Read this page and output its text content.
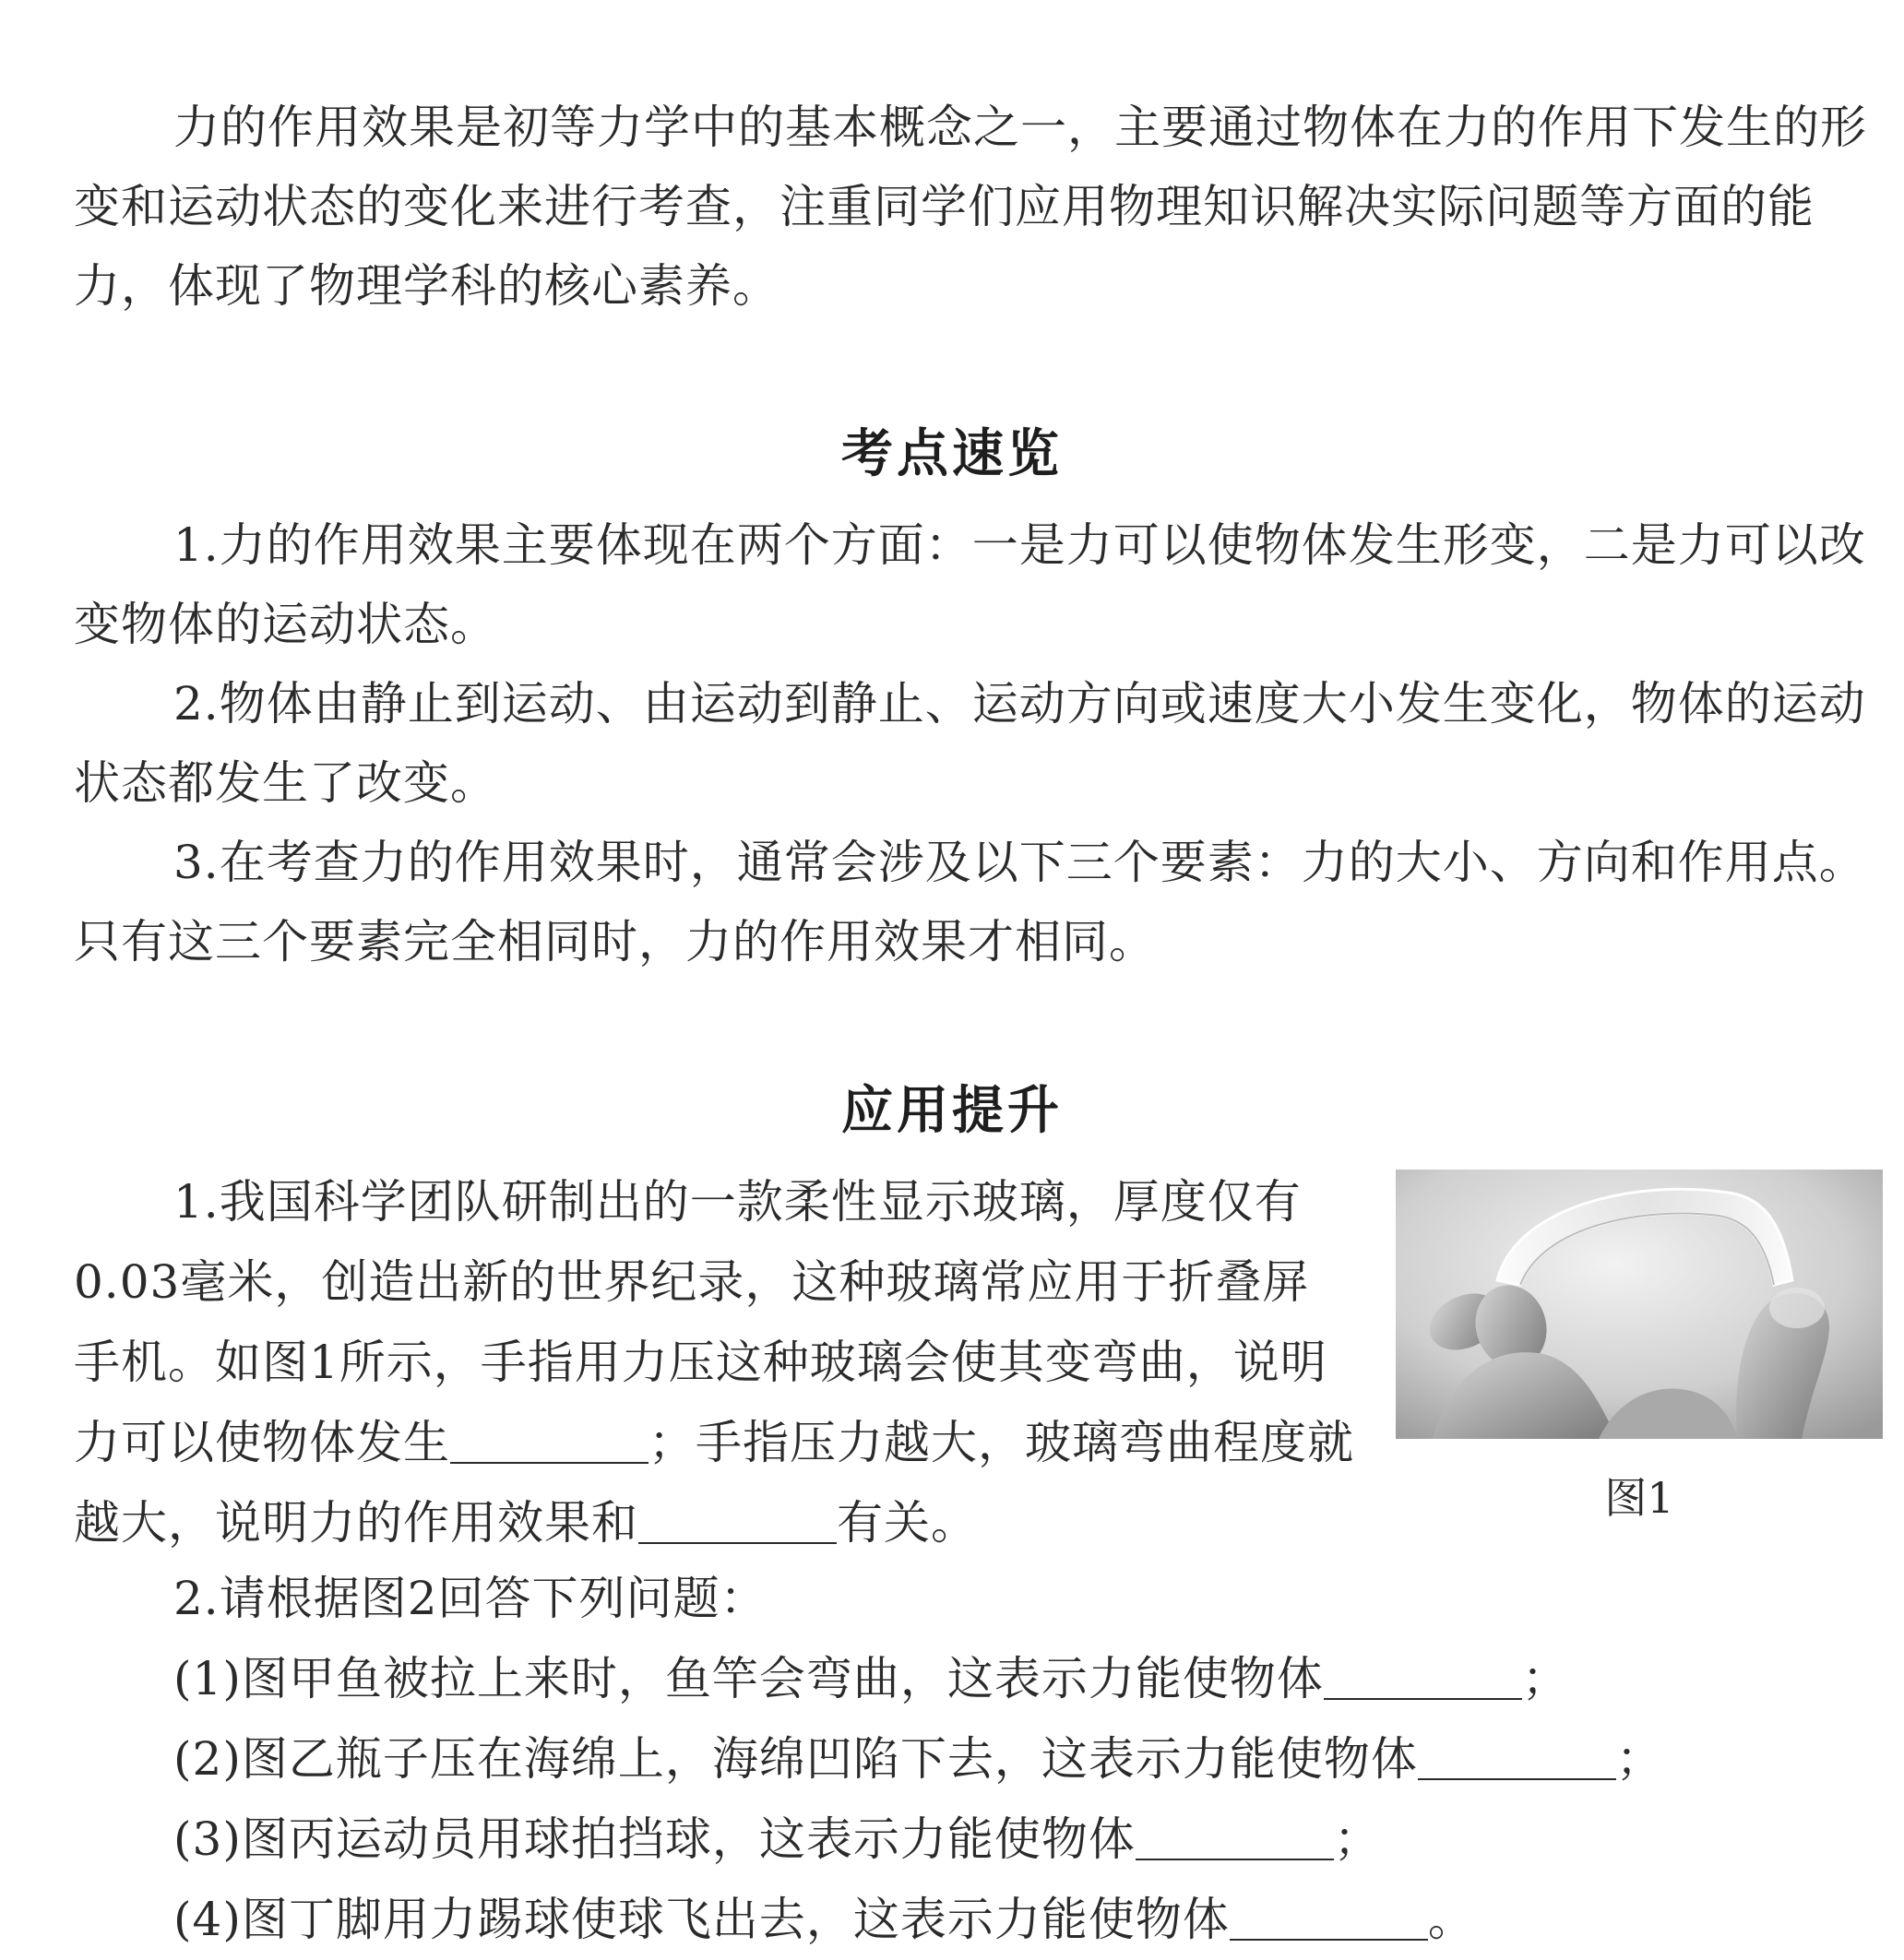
力的作用效果是初等力学中的基本概念之一，主要通过物体在力的作用下发生的形变和运动状态的变化来进行考查，注重同学们应用物理知识解决实际问题等方面的能力，体现了物理学科的核心素养。

考点速览

1.力的作用效果主要体现在两个方面：一是力可以使物体发生形变，二是力可以改变物体的运动状态。

2.物体由静止到运动、由运动到静止、运动方向或速度大小发生变化，物体的运动状态都发生了改变。

3.在考查力的作用效果时，通常会涉及以下三个要素：力的大小、方向和作用点。只有这三个要素完全相同时，力的作用效果才相同。

应用提升

1.我国科学团队研制出的一款柔性显示玻璃，厚度仅有0.03毫米，创造出新的世界纪录，这种玻璃常应用于折叠屏手机。如图1所示，手指用力压这种玻璃会使其变弯曲，说明力可以使物体发生	；手指压力越大，玻璃弯曲程度就越大，说明力的作用效果和	有关。	图1

2.请根据图2回答下列问题：

(1)图甲鱼被拉上来时，鱼竿会弯曲，这表示力能使物体	；

(2)图乙瓶子压在海绵上，海绵凹陷下去，这表示力能使物体	；

(3)图丙运动员用球拍挡球，这表示力能使物体	；

(4)图丁脚用力踢球使球飞出去，这表示力能使物体	。
